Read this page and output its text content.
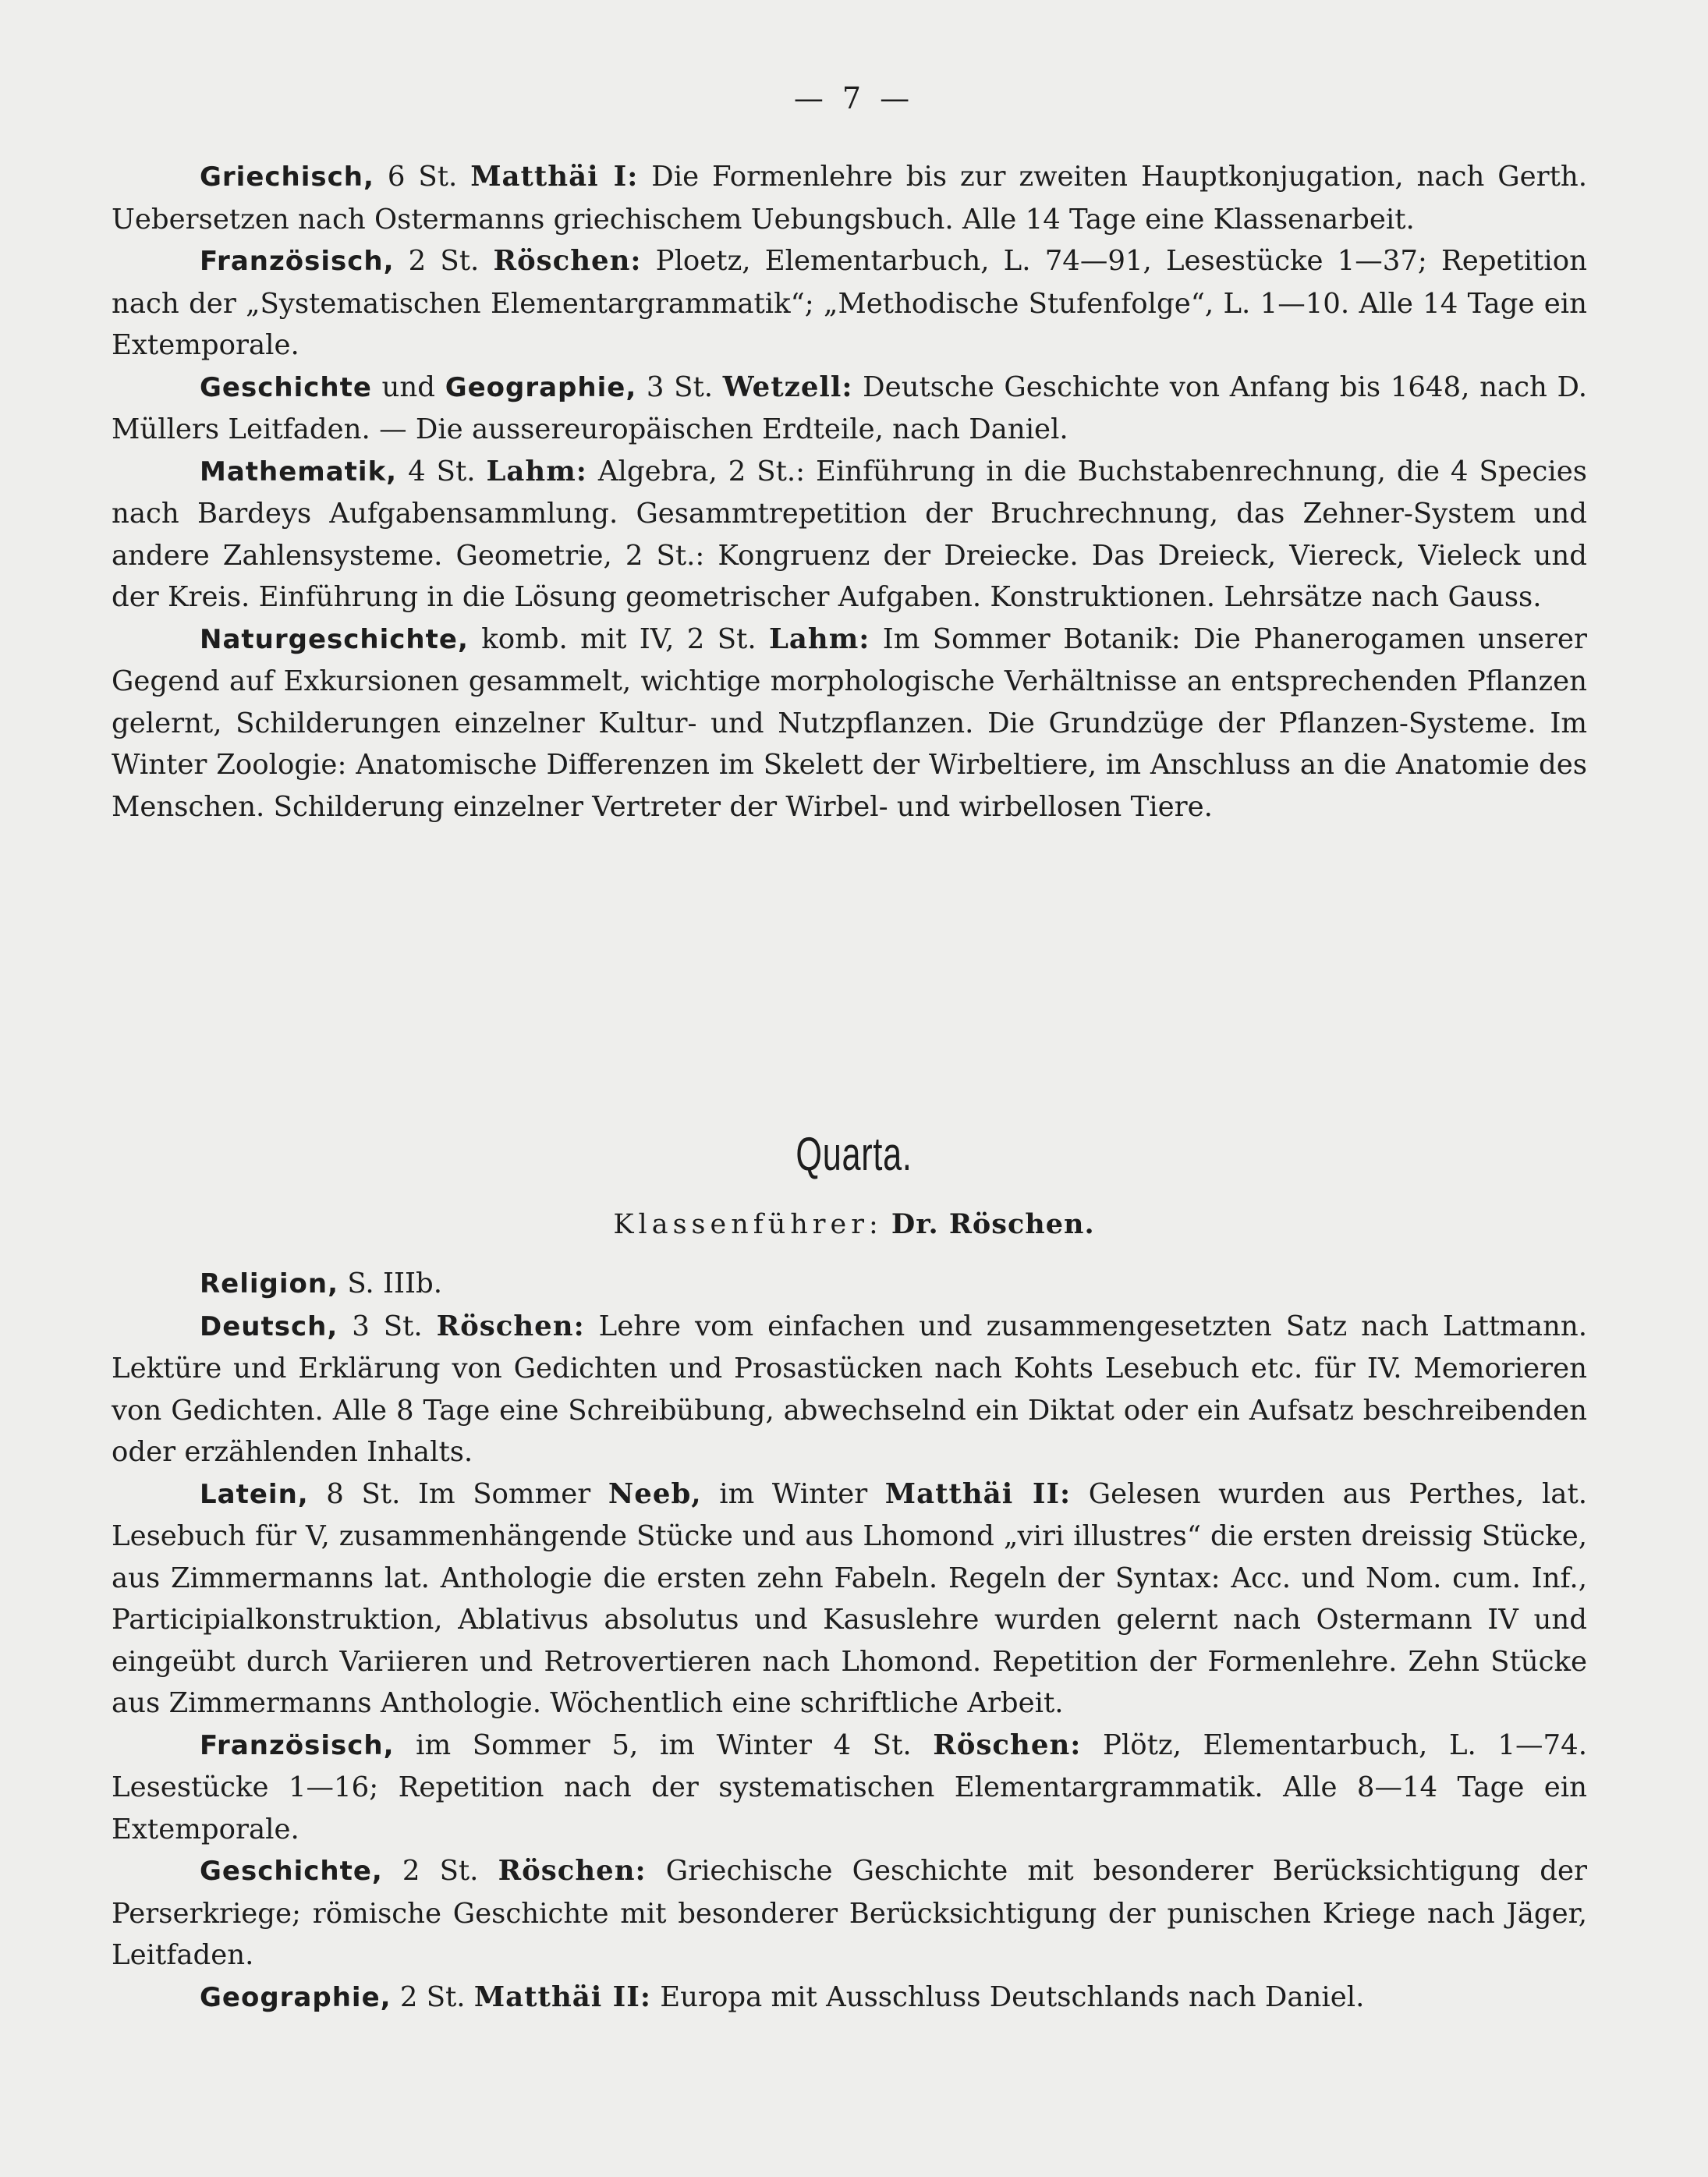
— 7 —

Griechisch, 6 St. Matthäi I: Die Formenlehre bis zur zweiten Hauptkonjugation, nach Gerth. Uebersetzen nach Ostermanns griechischem Uebungsbuch. Alle 14 Tage eine Klassenarbeit.

Französisch, 2 St. Röschen: Ploetz, Elementarbuch, L. 74—91, Lesestücke 1—37; Repetition nach der „Systematischen Elementargrammatik“; „Methodische Stufenfolge“, L. 1—10. Alle 14 Tage ein Extemporale.

Geschichte und Geographie, 3 St. Wetzell: Deutsche Geschichte von Anfang bis 1648, nach D. Müllers Leitfaden. — Die aussereuropäischen Erdteile, nach Daniel.

Mathematik, 4 St. Lahm: Algebra, 2 St.: Einführung in die Buchstabenrechnung, die 4 Species nach Bardeys Aufgabensammlung. Gesammtrepetition der Bruchrechnung, das Zehner-System und andere Zahlensysteme. Geometrie, 2 St.: Kongruenz der Dreiecke. Das Dreieck, Viereck, Vieleck und der Kreis. Einführung in die Lösung geometrischer Aufgaben. Konstruktionen. Lehrsätze nach Gauss.

Naturgeschichte, komb. mit IV, 2 St. Lahm: Im Sommer Botanik: Die Phanerogamen unserer Gegend auf Exkursionen gesammelt, wichtige morphologische Verhältnisse an entsprechenden Pflanzen gelernt, Schilderungen einzelner Kultur- und Nutzpflanzen. Die Grundzüge der Pflanzen-Systeme. Im Winter Zoologie: Anatomische Differenzen im Skelett der Wirbeltiere, im Anschluss an die Anatomie des Menschen. Schilderung einzelner Vertreter der Wirbel- und wirbellosen Tiere.

Quarta.
Klassenführer: Dr. Röschen.

Religion, S. IIIb.

Deutsch, 3 St. Röschen: Lehre vom einfachen und zusammengesetzten Satz nach Lattmann. Lektüre und Erklärung von Gedichten und Prosastücken nach Kohts Lesebuch etc. für IV. Memorieren von Gedichten. Alle 8 Tage eine Schreibübung, abwechselnd ein Diktat oder ein Aufsatz beschreibenden oder erzählenden Inhalts.

Latein, 8 St. Im Sommer Neeb, im Winter Matthäi II: Gelesen wurden aus Perthes, lat. Lesebuch für V, zusammenhängende Stücke und aus Lhomond „viri illustres“ die ersten dreissig Stücke, aus Zimmermanns lat. Anthologie die ersten zehn Fabeln. Regeln der Syntax: Acc. und Nom. cum. Inf., Participialkonstruktion, Ablativus absolutus und Kasuslehre wurden gelernt nach Ostermann IV und eingeübt durch Variieren und Retrovertieren nach Lhomond. Repetition der Formenlehre. Zehn Stücke aus Zimmermanns Anthologie. Wöchentlich eine schriftliche Arbeit.

Französisch, im Sommer 5, im Winter 4 St. Röschen: Plötz, Elementarbuch, L. 1—74. Lesestücke 1—16; Repetition nach der systematischen Elementargrammatik. Alle 8—14 Tage ein Extemporale.

Geschichte, 2 St. Röschen: Griechische Geschichte mit besonderer Berücksichtigung der Perserkriege; römische Geschichte mit besonderer Berücksichtigung der punischen Kriege nach Jäger, Leitfaden.

Geographie, 2 St. Matthäi II: Europa mit Ausschluss Deutschlands nach Daniel.
